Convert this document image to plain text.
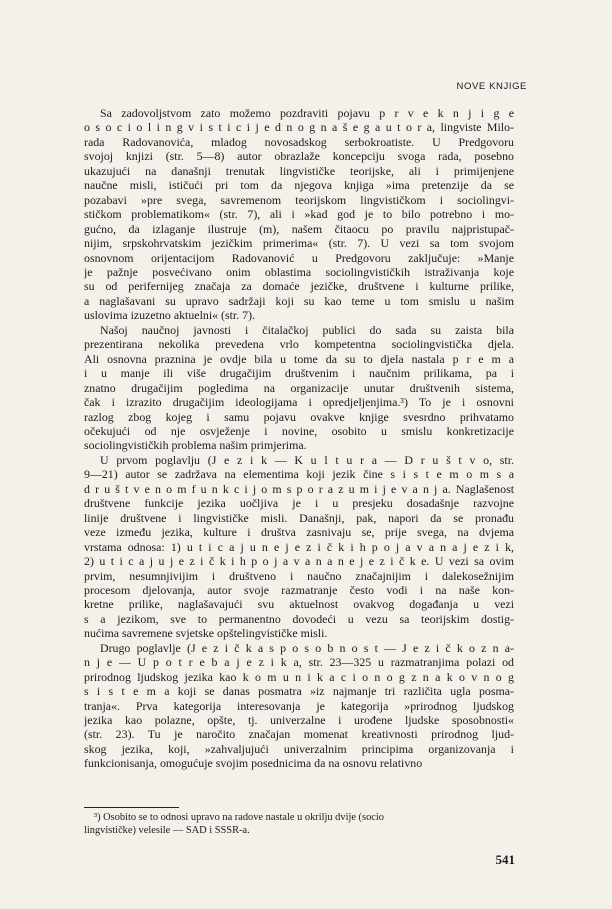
NOVE KNJIGE

Sa zadovoljstvom zato možemo pozdraviti pojavu p r v e k n j i g e
o s o c i o l i n g v i s t i c i j e d n o g n a š e g a u t o r a, lingviste Milo-
rada Radovanovića, mladog novosadskog serbokroatiste. U Predgovoru
svojoj knjizi (str. 5—8) autor obrazlaže koncepciju svoga rada, posebno
ukazujući na današnji trenutak lingvističke teorijske, ali i primijenjene
naučne misli, ističući pri tom da njegova knjiga »ima pretenzije da se
pozabavi »pre svega, savremenom teorijskom lingvističkom i sociolingvi-
stičkom problematikom« (str. 7), ali i »kad god je to bilo potrebno i mo-
gućno, da izlaganje ilustruje (m), našem čitaocu po pravilu najpristupač-
nijim, srpskohrvatskim jezičkim primerima« (str. 7). U vezi sa tom svojom
osnovnom orijentacijom Radovanović u Predgovoru zaključuje: »Manje
je pažnje posvećivano onim oblastima sociolingvističkih istraživanja koje
su od perifernijeg značaja za domaće jezičke, društvene i kulturne prilike,
a naglašavani su upravo sadržaji koji su kao teme u tom smislu u našim
uslovima izuzetno aktuelni« (str. 7).

Našoj naučnoj javnosti i čitalačkoj publici do sada su zaista bila
prezentirana nekolika prevedena vrlo kompetentna sociolingvistička djela.
Ali osnovna praznina je ovdje bila u tome da su to djela nastala p r e m a
i u manje ili više drugačijim društvenim i naučnim prilikama, pa i
znatno drugačijim pogledima na organizacije unutar društvenih sistema,
čak i izrazito drugačijim ideologijama i opredjeljenjima.³) To je i osnovni
razlog zbog kojeg i samu pojavu ovakve knjige svesrdno prihvatamo
očekujući od nje osvježenje i novine, osobito u smislu konkretizacije
sociolingvističkih problema našim primjerima.

U prvom poglavlju (J e z i k — K u l t u r a — D r u š t v o, str.
9—21) autor se zadržava na elementima koji jezik čine s i s t e m o m s a
d r u š t v e n o m f u n k c i j o m s p o r a z u m i j e v a n j a. Naglašenost
društvene funkcije jezika uočljiva je i u presjeku dosadašnje razvojne
linije društvene i lingvističke misli. Današnji, pak, napori da se pronađu
veze između jezika, kulture i društva zasnivaju se, prije svega, na dvjema
vrstama odnosa: 1) u t i c a j u n e j e z i č k i h p o j a v a n a j e z i k,
2) u t i c a j u j e z i č k i h p o j a v a n a n e j e z i č k e. U vezi sa ovim
prvim, nesumnjivijim i društveno i naučno značajnijim i dalekosežnijim
procesom djelovanja, autor svoje razmatranje često vodi i na naše kon-
kretne prilike, naglašavajući svu aktuelnost ovakvog događanja u vezi
s a jezikom, sve to permanentno dovodeći u vezu sa teorijskim dostig-
nućima savremene svjetske opštelingvističke misli.

Drugo poglavlje (J e z i č k a s p o s o b n o s t — J e z i č k o z n a-
n j e — U p o t r e b a j e z i k a, str. 23—325 u razmatranjima polazi od
prirodnog ljudskog jezika kao k o m u n i k a c i o n o g z n a k o v n o g
s i s t e m a koji se danas posmatra »iz najmanje tri različita ugla posma-
tranja«. Prva kategorija interesovanja je kategorija »prirodnog ljudskog
jezika kao polazne, opšte, tj. univerzalne i urođene ljudske sposobnosti«
(str. 23). Tu je naročito značajan momenat kreativnosti prirodnog ljud-
skog jezika, koji, »zahvaljujući univerzalnim principima organizovanja i
funkcionisanja, omogućuje svojim posednicima da na osnovu relativno

³) Osobito se to odnosi upravo na radove nastale u okrilju dvije (socio
lingvističke) velesile — SAD i SSSR-a.
541
